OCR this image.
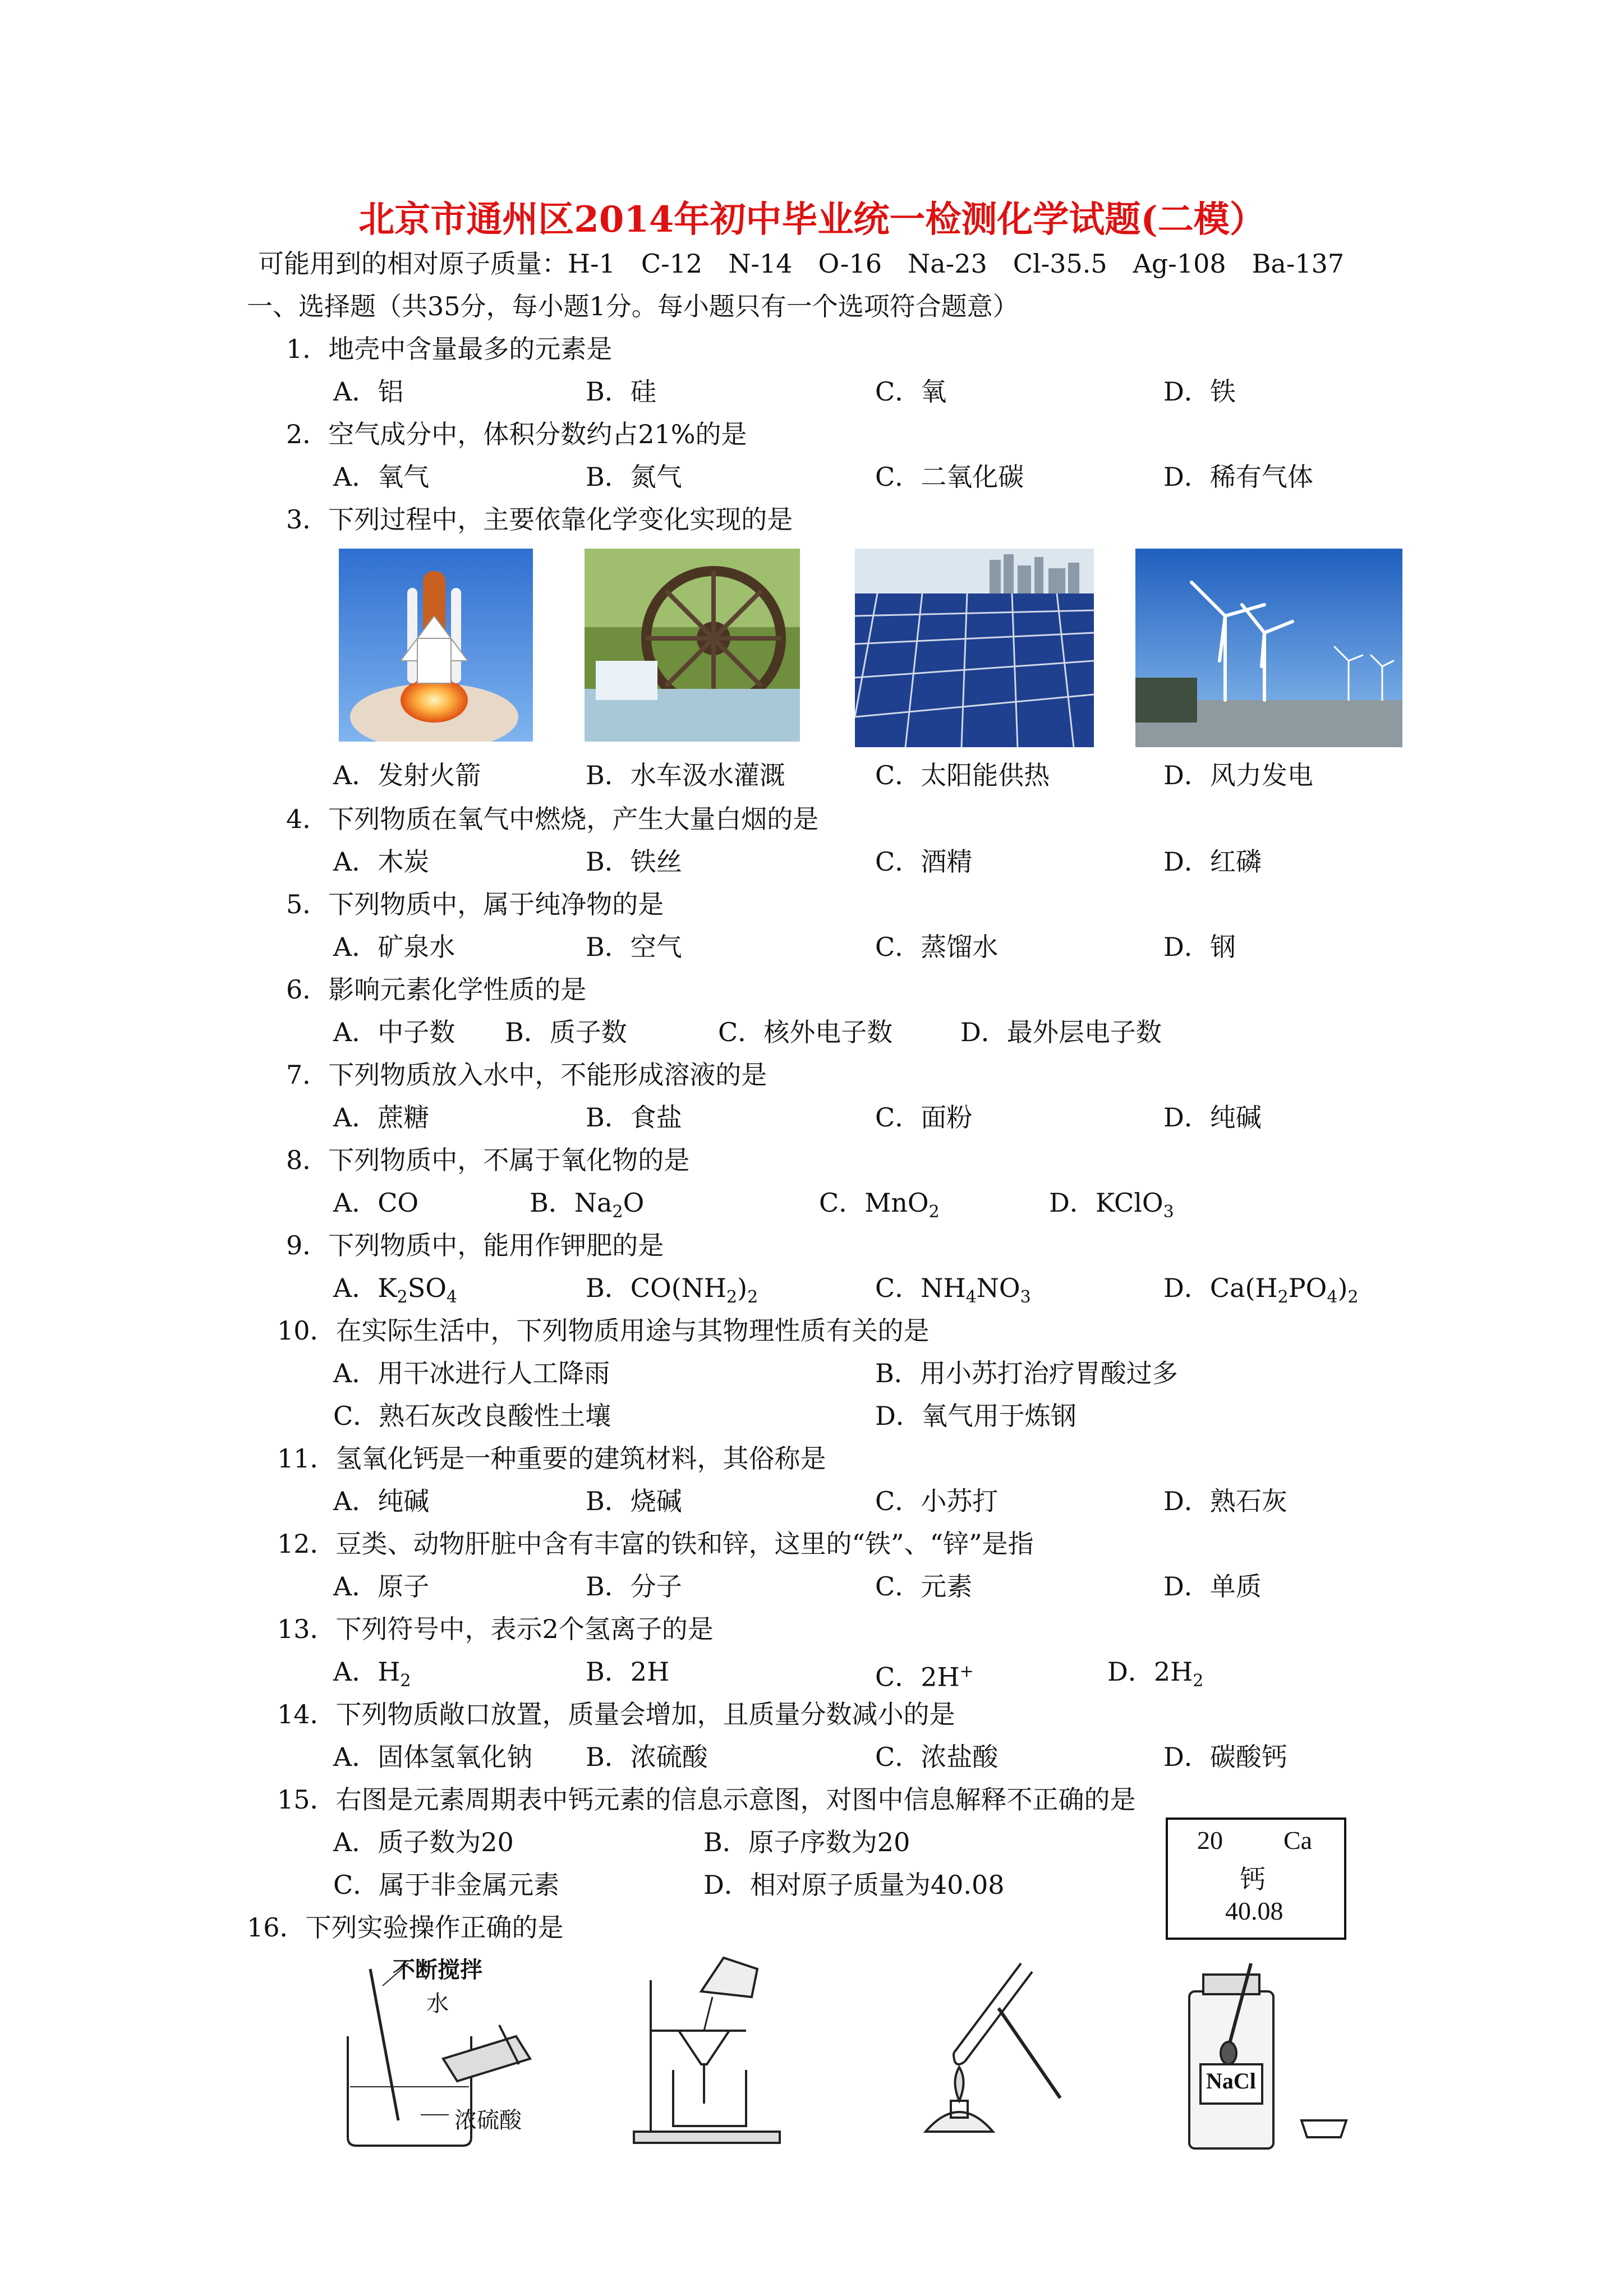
北京市通州区2014年初中毕业统一检测化学试题(二模）
可能用到的相对原子质量：H-1　C-12　N-14　O-16　Na-23　Cl-35.5　Ag-108　Ba-137
一、选择题（共35分，每小题1分。每小题只有一个选项符合题意）
1．地壳中含量最多的元素是
A．铝	B．硅	C．氧	D．铁
2．空气成分中，体积分数约占21%的是
A．氧气	B．氮气	C．二氧化碳	D．稀有气体
3．下列过程中，主要依靠化学变化实现的是
A．发射火箭	B．水车汲水灌溉	C．太阳能供热	D．风力发电
4．下列物质在氧气中燃烧，产生大量白烟的是
A．木炭	B．铁丝	C．酒精	D．红磷
5．下列物质中，属于纯净物的是
A．矿泉水	B．空气	C．蒸馏水	D．钢
6．影响元素化学性质的是
A．中子数 B．质子数	C．核外电子数	D．最外层电子数
7．下列物质放入水中，不能形成溶液的是
A．蔗糖	B．食盐	C．面粉	D．纯碱
8．下列物质中，不属于氧化物的是
A．CO	B．$Na_2O$	C．MnO$_2$	D．KClO$_3$
9．下列物质中，能用作钾肥的是
A．$K_2SO_4$	B．$CO(NH_2)_2$	C．$NH_4NO_3$	D．$Ca(H_2PO_4)_2$
10．在实际生活中，下列物质用途与其物理性质有关的是
A．用干冰进行人工降雨	B．用小苏打治疗胃酸过多
C．熟石灰改良酸性土壤	D．氧气用于炼钢
11．氢氧化钙是一种重要的建筑材料，其俗称是
A．纯碱	B．烧碱	C．小苏打	D．熟石灰
12．豆类、动物肝脏中含有丰富的铁和锌，这里的“铁”、“锌”是指
A．原子	B．分子	C．元素	D．单质
13．下列符号中，表示2个氢离子的是
A．$H_2$	B．2H	C．2H+	D．$2H_2$
14．下列物质敞口放置，质量会增加，且质量分数减小的是
A．固体氢氧化钠 B．浓硫酸	C．浓盐酸	D．碳酸钙
15．右图是元素周期表中钙元素的信息示意图，对图中信息解释不正确的是
A．质子数为20	B．原子序数为20
C．属于非金属元素	D．相对原子质量为40.08
20 Ca
钙
40.08
16．下列实验操作正确的是
不断搅拌
水
浓硫酸
NaCl
